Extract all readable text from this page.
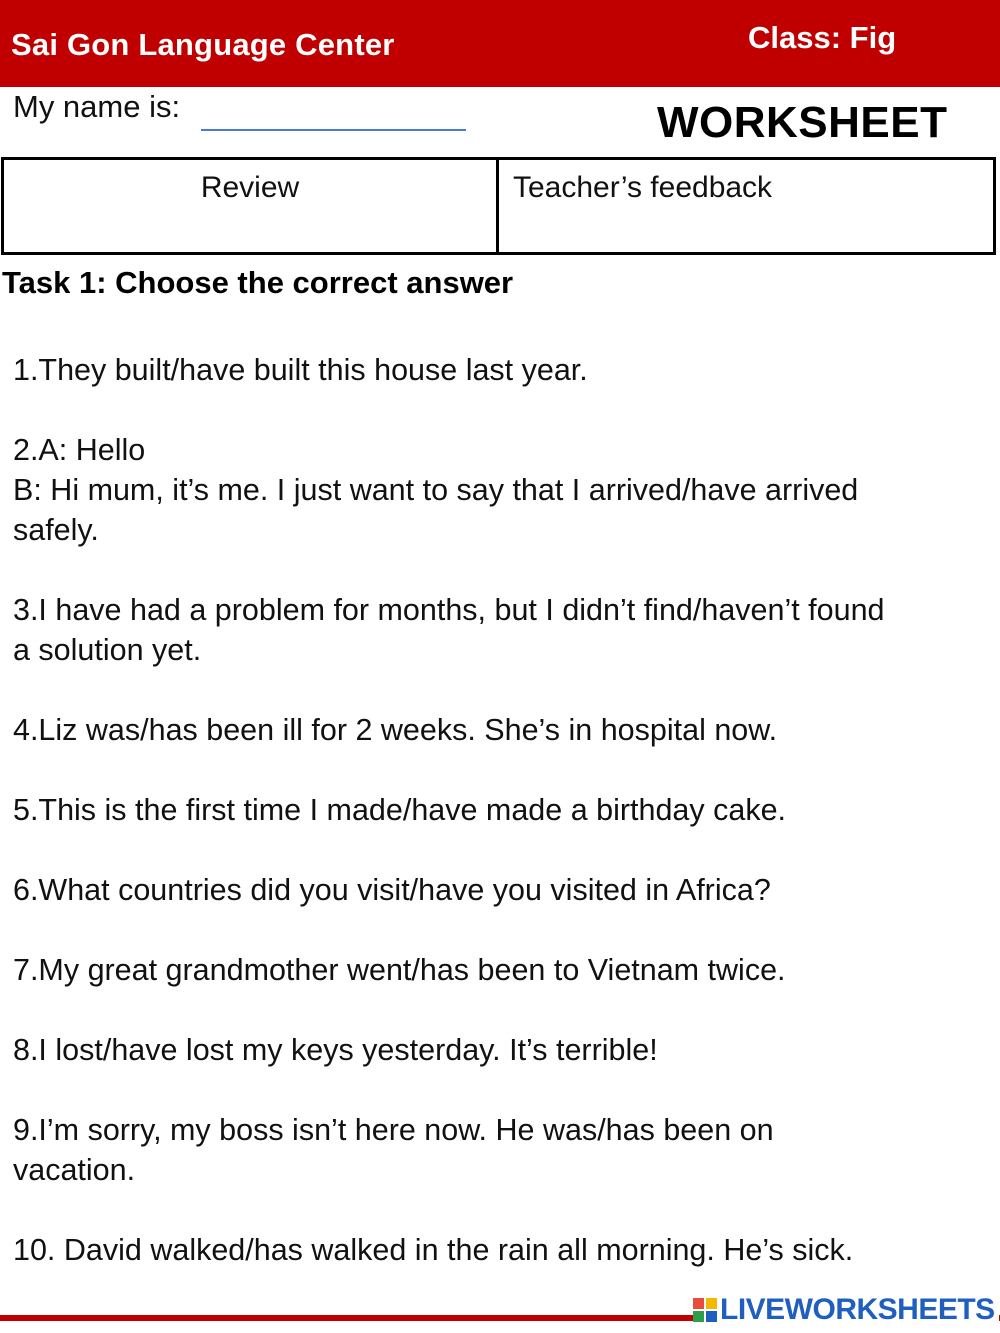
Sai Gon Language Center	Class: Fig
My name is:	WORKSHEET
Review	Teacher’s feedback
Task 1: Choose the correct answer
1.They built/have built this house last year.
2.A: Hello
B: Hi mum, it’s me. I just want to say that I arrived/have arrived
safely.
3.I have had a problem for months, but I didn’t find/haven’t found
a solution yet.
4.Liz was/has been ill for 2 weeks. She’s in hospital now.
5.This is the first time I made/have made a birthday cake.
6.What countries did you visit/have you visited in Africa?
7.My great grandmother went/has been to Vietnam twice.
8.I lost/have lost my keys yesterday. It’s terrible!
9.I’m sorry, my boss isn’t here now. He was/has been on
vacation.
10. David walked/has walked in the rain all morning. He’s sick.
LIVEWORKSHEETS
